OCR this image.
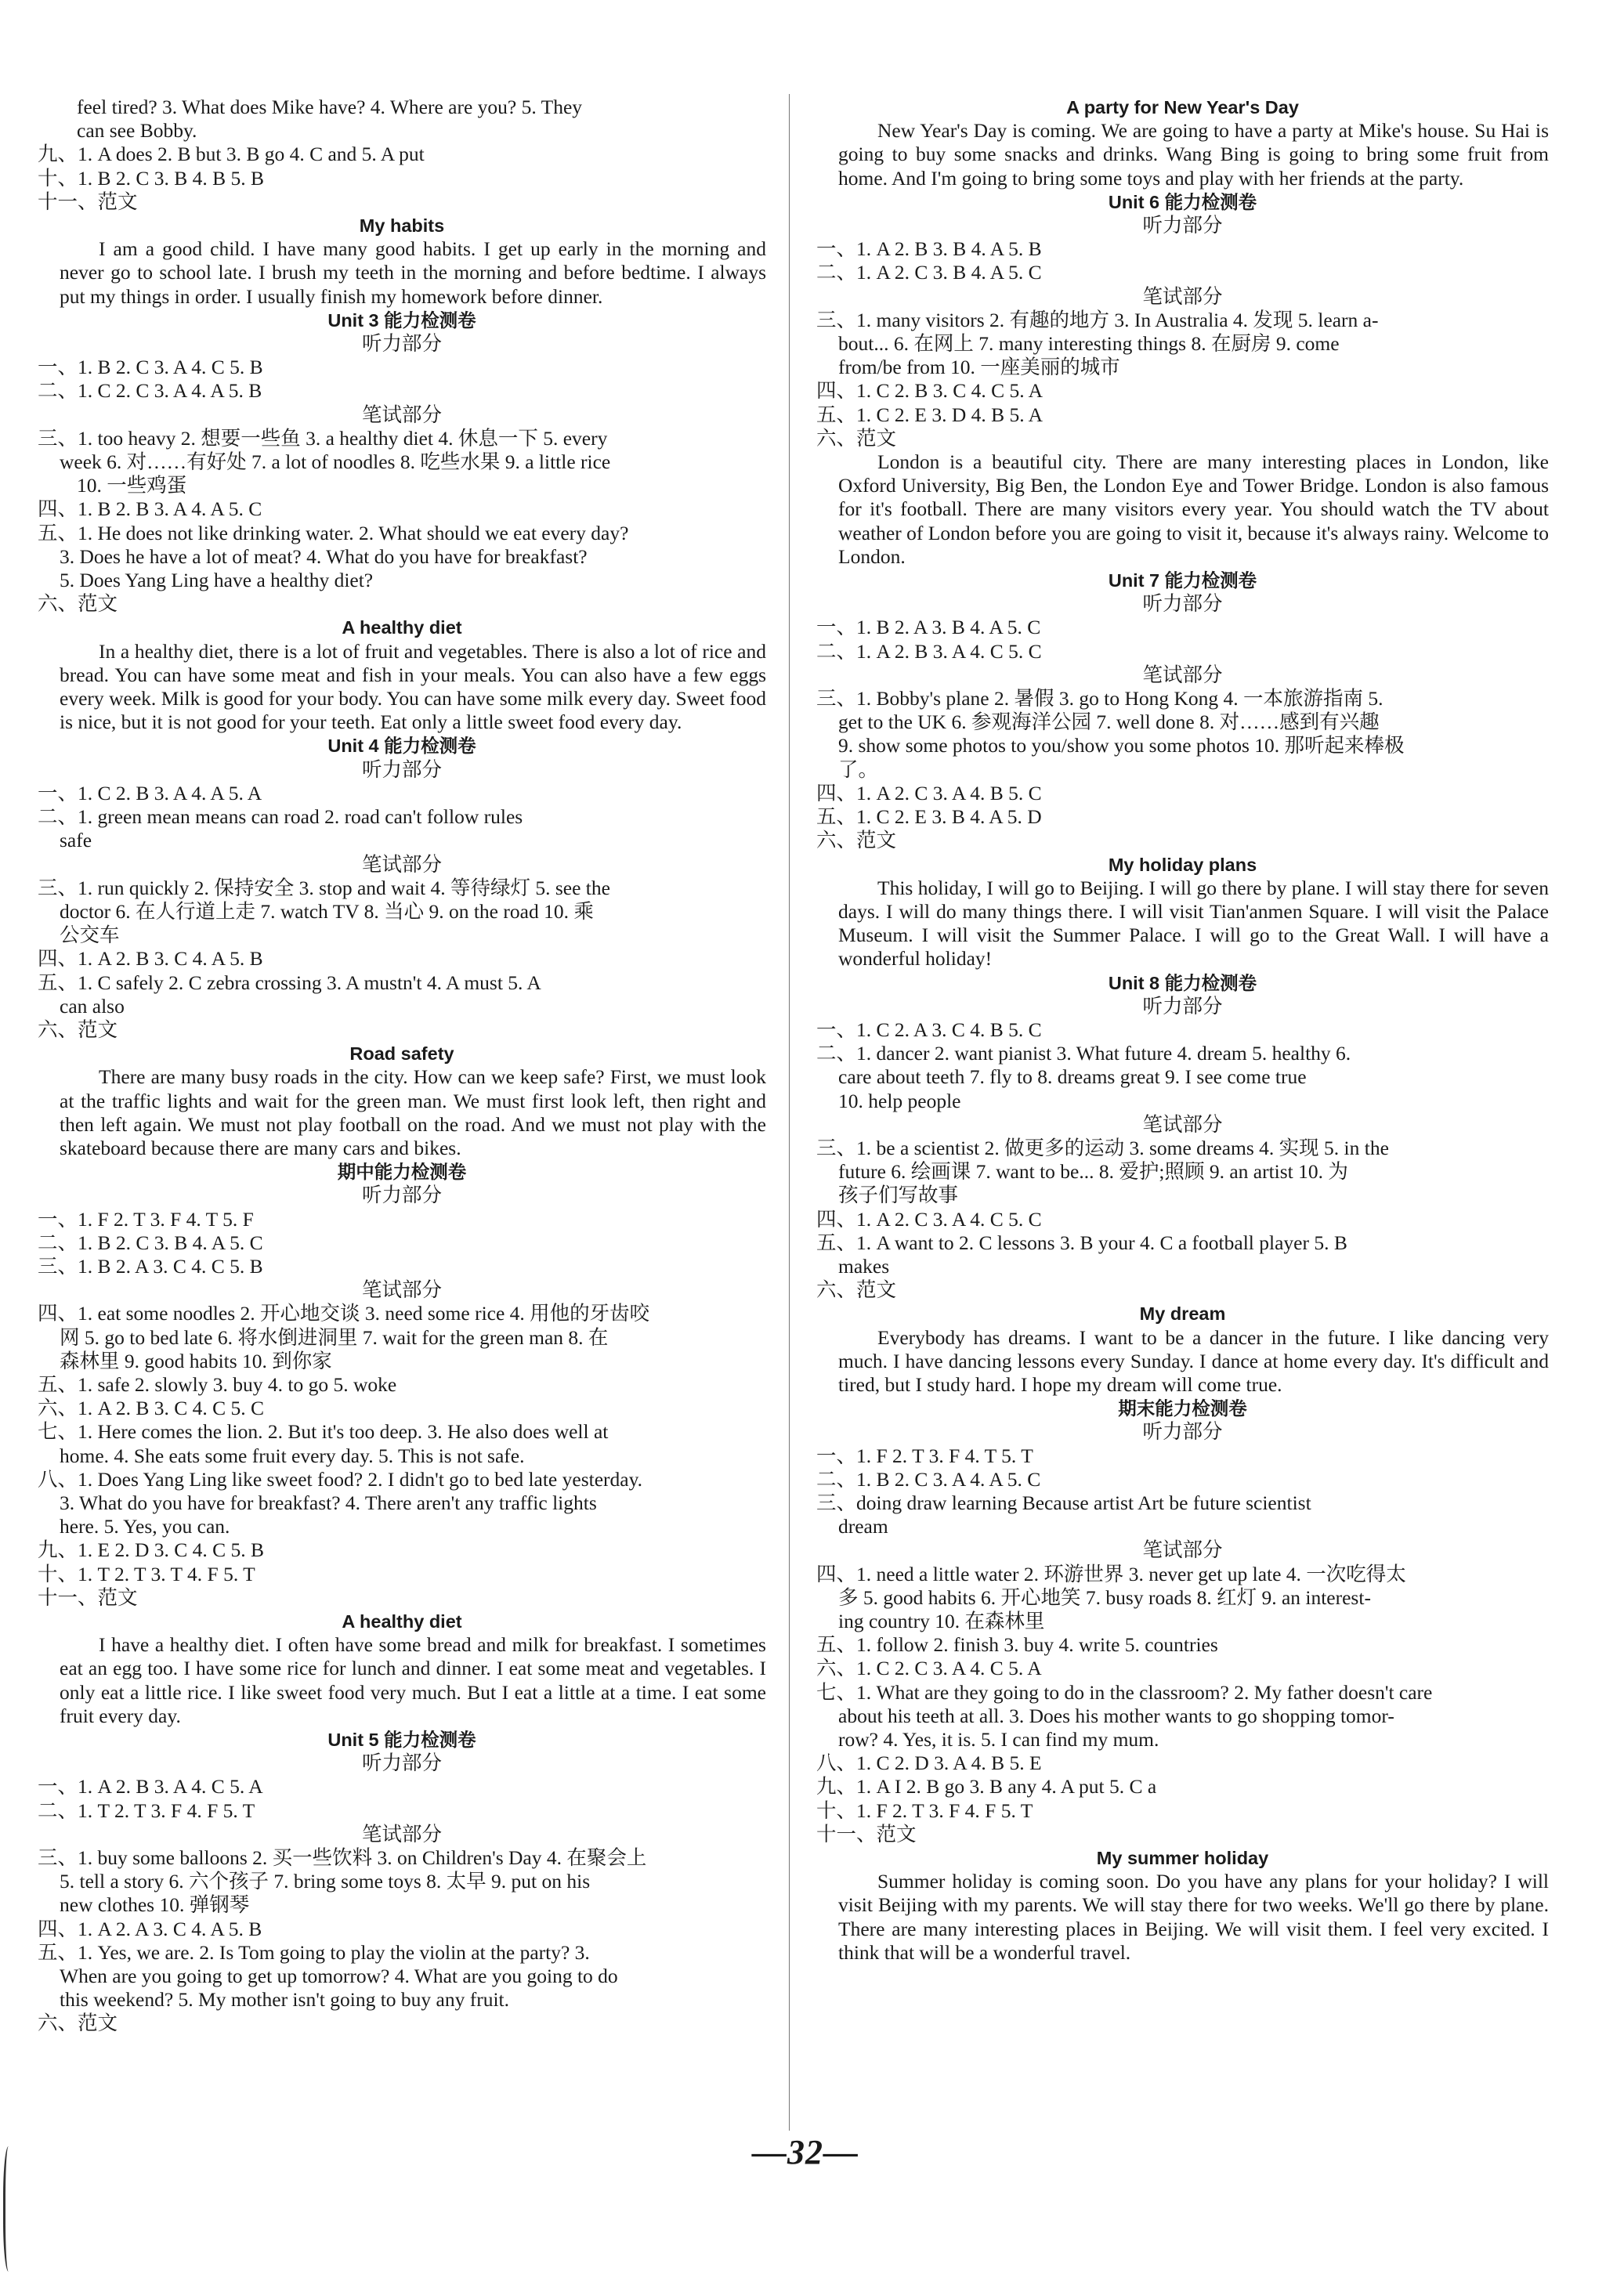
feel tired? 3. What does Mike have? 4. Where are you? 5. They
can see Bobby.
九、1. A does 2. B but 3. B go 4. C and 5. A put
十、1. B 2. C 3. B 4. B 5. B
十一、范文
My habits
I am a good child. I have many good habits. I get up early in the morning and never go to school late. I brush my teeth in the morning and before bedtime. I always put my things in order. I usually finish my homework before dinner.
Unit 3 能力检测卷
听力部分
一、1. B 2. C 3. A 4. C 5. B
二、1. C 2. C 3. A 4. A 5. B
笔试部分
三、1. too heavy 2. 想要一些鱼 3. a healthy diet 4. 休息一下 5. every
week 6. 对……有好处 7. a lot of noodles 8. 吃些水果 9. a little rice
10. 一些鸡蛋
四、1. B 2. B 3. A 4. A 5. C
五、1. He does not like drinking water. 2. What should we eat every day?
3. Does he have a lot of meat? 4. What do you have for breakfast?
5. Does Yang Ling have a healthy diet?
六、范文
A healthy diet
In a healthy diet, there is a lot of fruit and vegetables. There is also a lot of rice and bread. You can have some meat and fish in your meals. You can also have a few eggs every week. Milk is good for your body. You can have some milk every day. Sweet food is nice, but it is not good for your teeth. Eat only a little sweet food every day.
Unit 4 能力检测卷
听力部分
一、1. C 2. B 3. A 4. A 5. A
二、1. green mean means can road 2. road can't follow rules
safe
笔试部分
三、1. run quickly 2. 保持安全 3. stop and wait 4. 等待绿灯 5. see the
doctor 6. 在人行道上走 7. watch TV 8. 当心 9. on the road 10. 乘
公交车
四、1. A 2. B 3. C 4. A 5. B
五、1. C safely 2. C zebra crossing 3. A mustn't 4. A must 5. A
can also
六、范文
Road safety
There are many busy roads in the city. How can we keep safe? First, we must look at the traffic lights and wait for the green man. We must first look left, then right and then left again. We must not play football on the road. And we must not play with the skateboard because there are many cars and bikes.
期中能力检测卷
听力部分
一、1. F 2. T 3. F 4. T 5. F
二、1. B 2. C 3. B 4. A 5. C
三、1. B 2. A 3. C 4. C 5. B
笔试部分
四、1. eat some noodles 2. 开心地交谈 3. need some rice 4. 用他的牙齿咬
网 5. go to bed late 6. 将水倒进洞里 7. wait for the green man 8. 在
森林里 9. good habits 10. 到你家
五、1. safe 2. slowly 3. buy 4. to go 5. woke
六、1. A 2. B 3. C 4. C 5. C
七、1. Here comes the lion. 2. But it's too deep. 3. He also does well at
home. 4. She eats some fruit every day. 5. This is not safe.
八、1. Does Yang Ling like sweet food? 2. I didn't go to bed late yesterday.
3. What do you have for breakfast? 4. There aren't any traffic lights
here. 5. Yes, you can.
九、1. E 2. D 3. C 4. C 5. B
十、1. T 2. T 3. T 4. F 5. T
十一、范文
A healthy diet
I have a healthy diet. I often have some bread and milk for breakfast. I sometimes eat an egg too. I have some rice for lunch and dinner. I eat some meat and vegetables. I only eat a little rice. I like sweet food very much. But I eat a little at a time. I eat some fruit every day.
Unit 5 能力检测卷
听力部分
一、1. A 2. B 3. A 4. C 5. A
二、1. T 2. T 3. F 4. F 5. T
笔试部分
三、1. buy some balloons 2. 买一些饮料 3. on Children's Day 4. 在聚会上
5. tell a story 6. 六个孩子 7. bring some toys 8. 太早 9. put on his
new clothes 10. 弹钢琴
四、1. A 2. A 3. C 4. A 5. B
五、1. Yes, we are. 2. Is Tom going to play the violin at the party? 3.
When are you going to get up tomorrow? 4. What are you going to do
this weekend? 5. My mother isn't going to buy any fruit.
六、范文
A party for New Year's Day
New Year's Day is coming. We are going to have a party at Mike's house. Su Hai is going to buy some snacks and drinks. Wang Bing is going to bring some fruit from home. And I'm going to bring some toys and play with her friends at the party.
Unit 6 能力检测卷
听力部分
一、1. A 2. B 3. B 4. A 5. B
二、1. A 2. C 3. B 4. A 5. C
笔试部分
三、1. many visitors 2. 有趣的地方 3. In Australia 4. 发现 5. learn a-
bout... 6. 在网上 7. many interesting things 8. 在厨房 9. come
from/be from 10. 一座美丽的城市
四、1. C 2. B 3. C 4. C 5. A
五、1. C 2. E 3. D 4. B 5. A
六、范文
London is a beautiful city. There are many interesting places in London, like Oxford University, Big Ben, the London Eye and Tower Bridge. London is also famous for it's football. There are many visitors every year. You should watch the TV about weather of London before you are going to visit it, because it's always rainy. Welcome to London.
Unit 7 能力检测卷
听力部分
一、1. B 2. A 3. B 4. A 5. C
二、1. A 2. B 3. A 4. C 5. C
笔试部分
三、1. Bobby's plane 2. 暑假 3. go to Hong Kong 4. 一本旅游指南 5.
get to the UK 6. 参观海洋公园 7. well done 8. 对……感到有兴趣
9. show some photos to you/show you some photos 10. 那听起来棒极
了。
四、1. A 2. C 3. A 4. B 5. C
五、1. C 2. E 3. B 4. A 5. D
六、范文
My holiday plans
This holiday, I will go to Beijing. I will go there by plane. I will stay there for seven days. I will do many things there. I will visit Tian'anmen Square. I will visit the Palace Museum. I will visit the Summer Palace. I will go to the Great Wall. I will have a wonderful holiday!
Unit 8 能力检测卷
听力部分
一、1. C 2. A 3. C 4. B 5. C
二、1. dancer 2. want pianist 3. What future 4. dream 5. healthy 6.
care about teeth 7. fly to 8. dreams great 9. I see come true
10. help people
笔试部分
三、1. be a scientist 2. 做更多的运动 3. some dreams 4. 实现 5. in the
future 6. 绘画课 7. want to be... 8. 爱护;照顾 9. an artist 10. 为
孩子们写故事
四、1. A 2. C 3. A 4. C 5. C
五、1. A want to 2. C lessons 3. B your 4. C a football player 5. B
makes
六、范文
My dream
Everybody has dreams. I want to be a dancer in the future. I like dancing very much. I have dancing lessons every Sunday. I dance at home every day. It's difficult and tired, but I study hard. I hope my dream will come true.
期末能力检测卷
听力部分
一、1. F 2. T 3. F 4. T 5. T
二、1. B 2. C 3. A 4. A 5. C
三、doing draw learning Because artist Art be future scientist
dream
笔试部分
四、1. need a little water 2. 环游世界 3. never get up late 4. 一次吃得太
多 5. good habits 6. 开心地笑 7. busy roads 8. 红灯 9. an interest-
ing country 10. 在森林里
五、1. follow 2. finish 3. buy 4. write 5. countries
六、1. C 2. C 3. A 4. C 5. A
七、1. What are they going to do in the classroom? 2. My father doesn't care
about his teeth at all. 3. Does his mother wants to go shopping tomor-
row? 4. Yes, it is. 5. I can find my mum.
八、1. C 2. D 3. A 4. B 5. E
九、1. A I 2. B go 3. B any 4. A put 5. C a
十、1. F 2. T 3. F 4. F 5. T
十一、范文
My summer holiday
Summer holiday is coming soon. Do you have any plans for your holiday? I will visit Beijing with my parents. We will stay there for two weeks. We'll go there by plane. There are many interesting places in Beijing. We will visit them. I feel very excited. I think that will be a wonderful travel.
—32—
